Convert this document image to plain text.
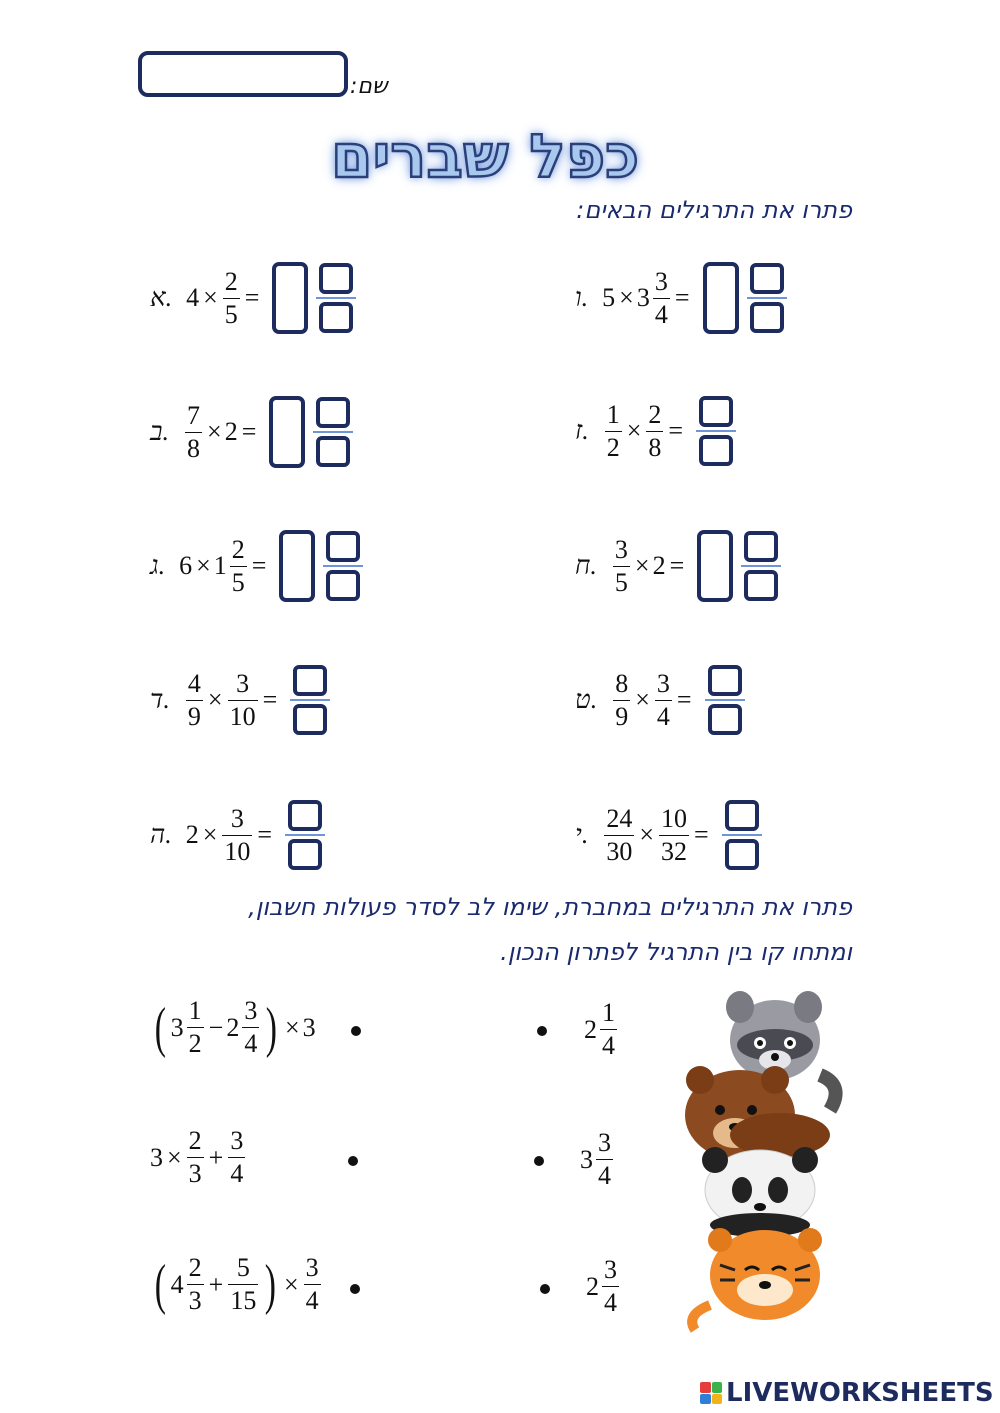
שם:
כפל שברים
פתרו את התרגילים הבאים:
א. $4 \times \frac{2}{5}$ =
ב. $\frac{7}{8} \times 2$ =
ג. $6 \times 1 \frac{2}{5}$ =
ד. $\frac{4}{9} \times \frac{3}{10}$ =
ה. $2 \times \frac{3}{10}$ =
ו. $5 \times 3 \frac{3}{4}$ =
ז. $\frac{1}{2} \times \frac{2}{8}$ =
ח. $\frac{3}{5} \times 2$ =
ט. $\frac{8}{9} \times \frac{3}{4}$ =
י. $\frac{24}{30} \times \frac{10}{32}$ =
פתרו את התרגילים במחברת, שימו לב לסדר פעולות חשבון,
ומתחו קו בין התרגיל לפתרון הנכון.
( $3 \frac{1}{2} - 2 \frac{3}{4}$ ) × 3
$3 \times \frac{2}{3} + \frac{3}{4}$
( $4 \frac{2}{3} + \frac{5}{15}$ ) × $\frac{3}{4}$
$2 \frac{1}{4}$
$3 \frac{3}{4}$
$2 \frac{3}{4}$
LIVEWORKSHEETS
